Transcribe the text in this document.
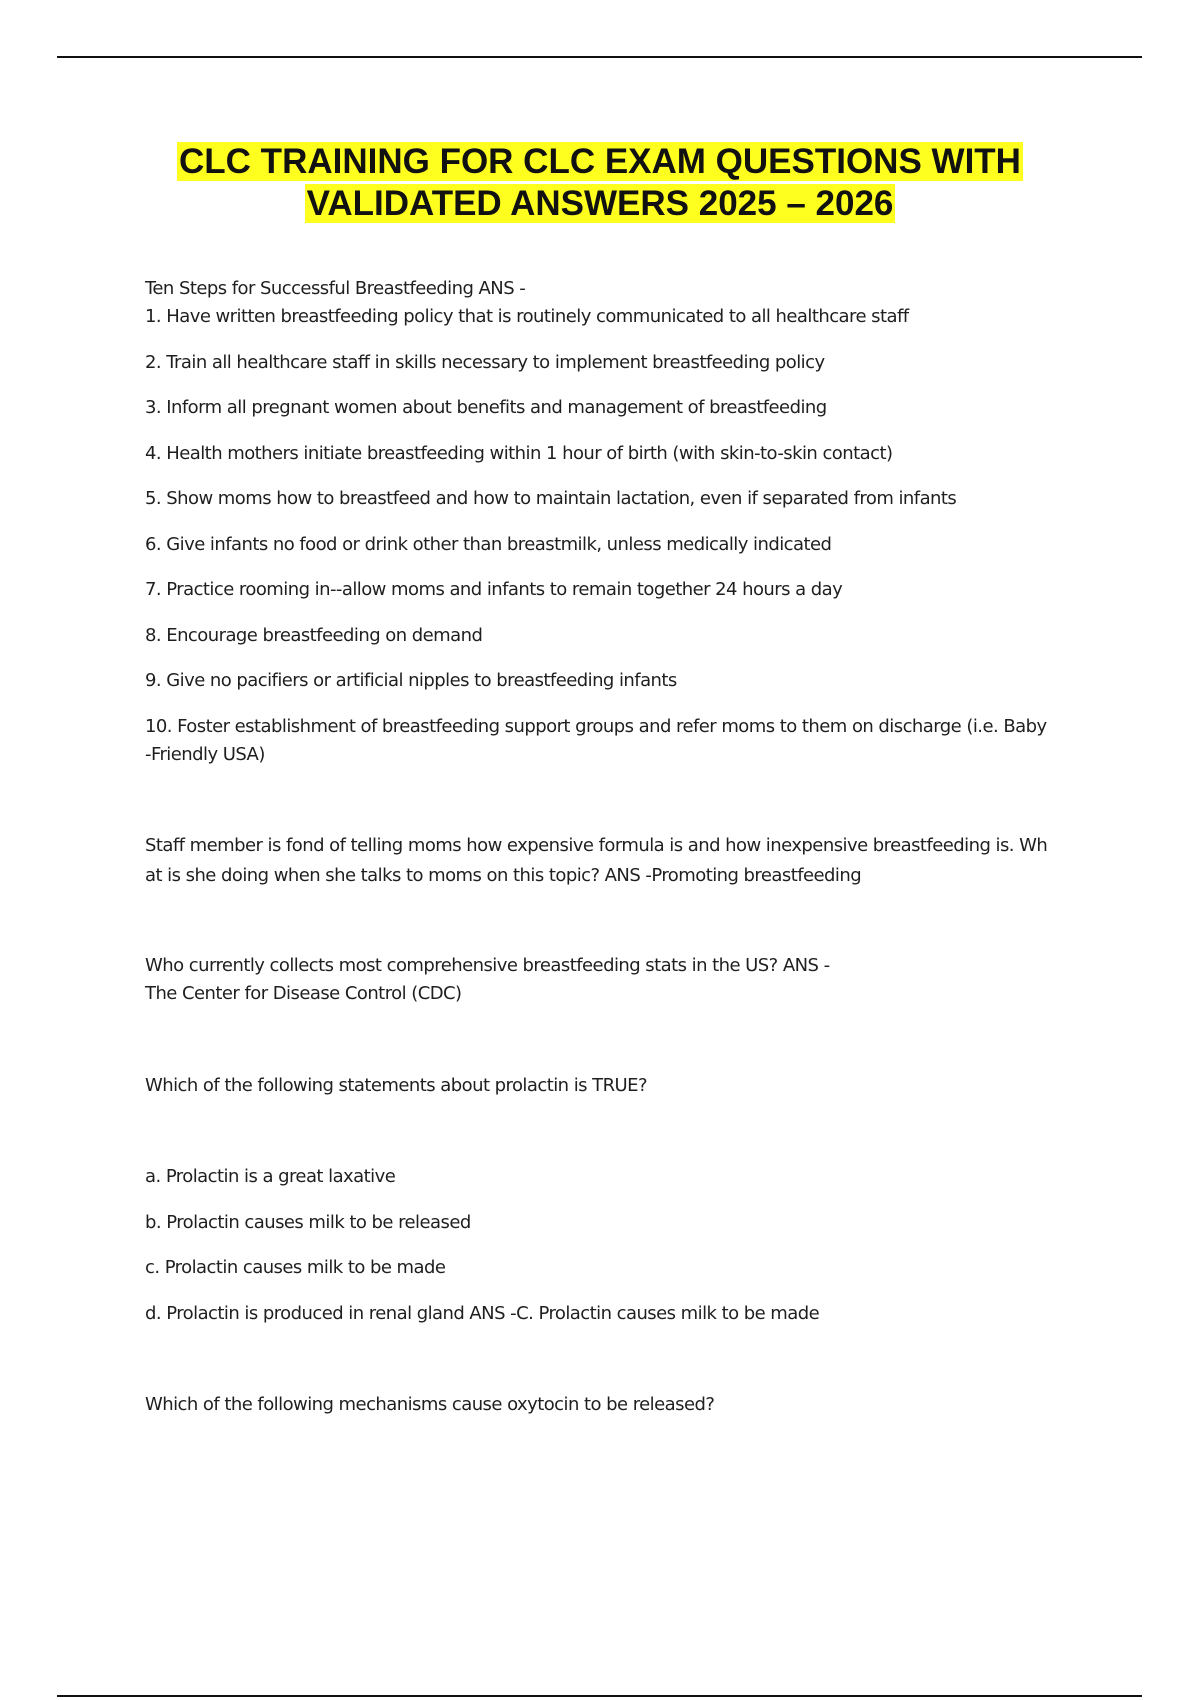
CLC TRAINING FOR CLC EXAM QUESTIONS WITH
VALIDATED ANSWERS 2025 – 2026
Ten Steps for Successful Breastfeeding ANS -
1. Have written breastfeeding policy that is routinely communicated to all healthcare staff
2. Train all healthcare staff in skills necessary to implement breastfeeding policy
3. Inform all pregnant women about benefits and management of breastfeeding
4. Health mothers initiate breastfeeding within 1 hour of birth (with skin-to-skin contact)
5. Show moms how to breastfeed and how to maintain lactation, even if separated from infants
6. Give infants no food or drink other than breastmilk, unless medically indicated
7. Practice rooming in--allow moms and infants to remain together 24 hours a day
8. Encourage breastfeeding on demand
9. Give no pacifiers or artificial nipples to breastfeeding infants
10. Foster establishment of breastfeeding support groups and refer moms to them on discharge (i.e. Baby
-Friendly USA)
Staff member is fond of telling moms how expensive formula is and how inexpensive breastfeeding is. Wh
at is she doing when she talks to moms on this topic? ANS -Promoting breastfeeding
Who currently collects most comprehensive breastfeeding stats in the US? ANS -
The Center for Disease Control (CDC)
Which of the following statements about prolactin is TRUE?
a. Prolactin is a great laxative
b. Prolactin causes milk to be released
c. Prolactin causes milk to be made
d. Prolactin is produced in renal gland ANS -C. Prolactin causes milk to be made
Which of the following mechanisms cause oxytocin to be released?
